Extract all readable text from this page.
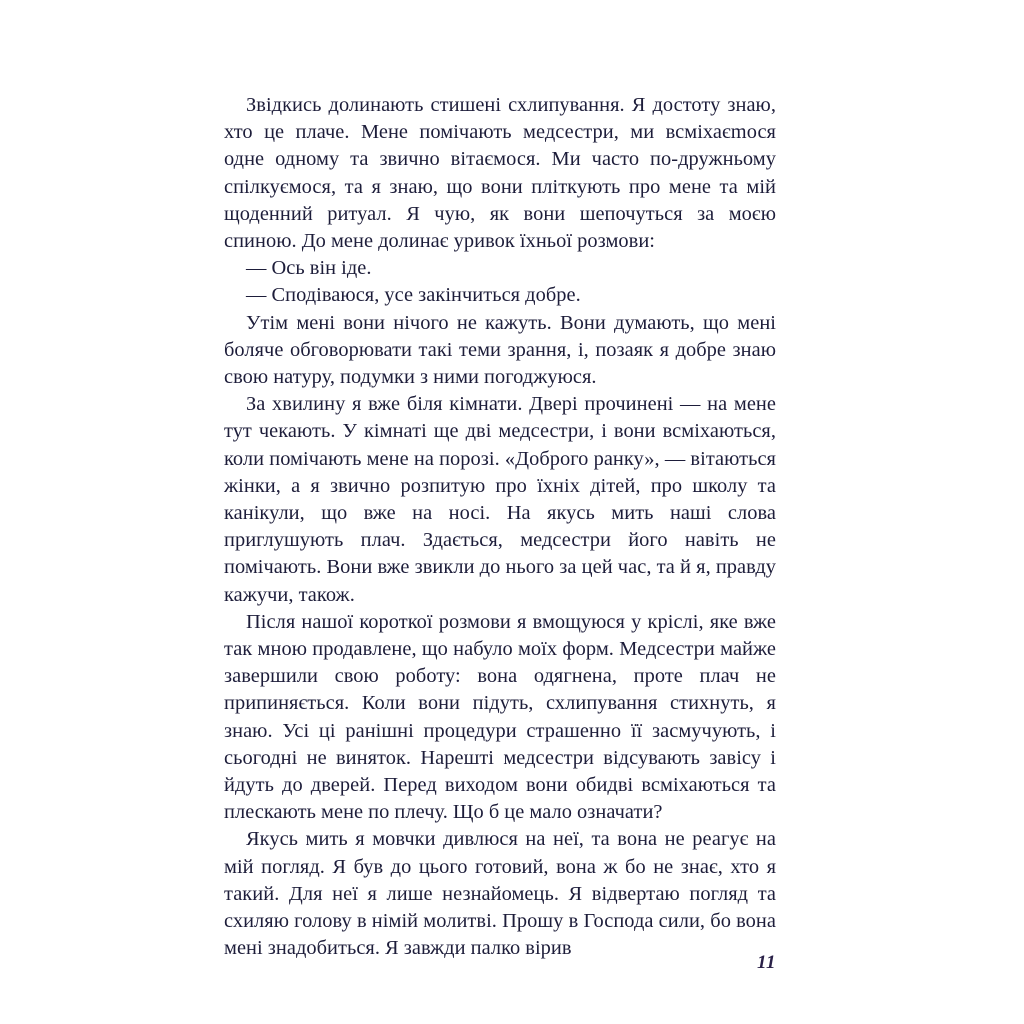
Звідкись долинають стишені схлипування. Я достоту знаю, хто це плаче. Мене помічають медсестри, ми всміхаєmося одне одному та звично вітаємося. Ми часто по-дружньому спілкуємося, та я знаю, що вони пліткують про мене та мій щоденний ритуал. Я чую, як вони шепочуться за моєю спиною. До мене долинає уривок їхньої розмови:

— Ось він іде.

— Сподіваюся, усе закінчиться добре.

Утім мені вони нічого не кажуть. Вони думають, що мені боляче обговорювати такі теми зрання, і, позаяк я добре знаю свою натуру, подумки з ними погоджуюся.

За хвилину я вже біля кімнати. Двері прочинені — на мене тут чекають. У кімнаті ще дві медсестри, і вони всміхаються, коли помічають мене на порозі. «Доброго ранку», — вітаються жінки, а я звично розпитую про їхніх дітей, про школу та канікули, що вже на носі. На якусь мить наші слова приглушують плач. Здається, медсестри його навіть не помічають. Вони вже звикли до нього за цей час, та й я, правду кажучи, також.

Після нашої короткої розмови я вмощуюся у кріслі, яке вже так мною продавлене, що набуло моїх форм. Медсестри майже завершили свою роботу: вона одягнена, проте плач не припиняється. Коли вони підуть, схлипування стихнуть, я знаю. Усі ці ранішні процедури страшенно її засмучують, і сьогодні не виняток. Нарешті медсестри відсувають завісу і йдуть до дверей. Перед виходом вони обидві всміхаються та плескають мене по плечу. Що б це мало означати?

Якусь мить я мовчки дивлюся на неї, та вона не реагує на мій погляд. Я був до цього готовий, вона ж бо не знає, хто я такий. Для неї я лише незнайомець. Я відвертаю погляд та схиляю голову в німій молитві. Прошу в Господа сили, бо вона мені знадобиться. Я завжди палко вірив

11
